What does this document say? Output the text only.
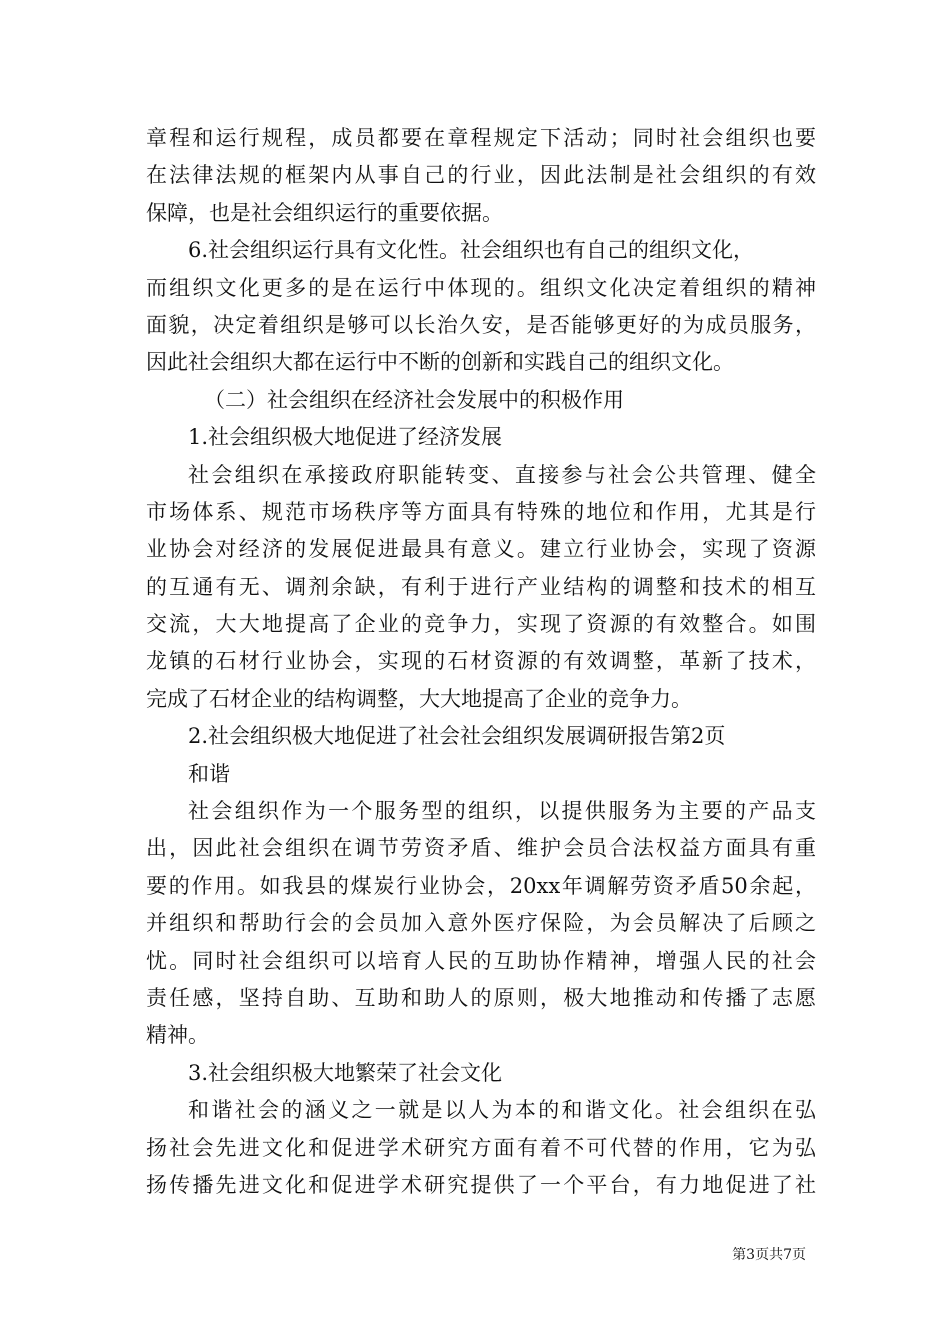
章程和运行规程，成员都要在章程规定下活动；同时社会组织也要
在法律法规的框架内从事自己的行业，因此法制是社会组织的有效
保障，也是社会组织运行的重要依据。
6.社会组织运行具有文化性。社会组织也有自己的组织文化，
而组织文化更多的是在运行中体现的。组织文化决定着组织的精神
面貌，决定着组织是够可以长治久安，是否能够更好的为成员服务，
因此社会组织大都在运行中不断的创新和实践自己的组织文化。
（二）社会组织在经济社会发展中的积极作用
1.社会组织极大地促进了经济发展
社会组织在承接政府职能转变、直接参与社会公共管理、健全
市场体系、规范市场秩序等方面具有特殊的地位和作用，尤其是行
业协会对经济的发展促进最具有意义。建立行业协会，实现了资源
的互通有无、调剂余缺，有利于进行产业结构的调整和技术的相互
交流，大大地提高了企业的竞争力，实现了资源的有效整合。如围
龙镇的石材行业协会，实现的石材资源的有效调整，革新了技术，
完成了石材企业的结构调整，大大地提高了企业的竞争力。
2.社会组织极大地促进了社会社会组织发展调研报告第2页
和谐
社会组织作为一个服务型的组织，以提供服务为主要的产品支
出，因此社会组织在调节劳资矛盾、维护会员合法权益方面具有重
要的作用。如我县的煤炭行业协会，20xx年调解劳资矛盾50余起，
并组织和帮助行会的会员加入意外医疗保险，为会员解决了后顾之
忧。同时社会组织可以培育人民的互助协作精神，增强人民的社会
责任感，坚持自助、互助和助人的原则，极大地推动和传播了志愿
精神。
3.社会组织极大地繁荣了社会文化
和谐社会的涵义之一就是以人为本的和谐文化。社会组织在弘
扬社会先进文化和促进学术研究方面有着不可代替的作用，它为弘
扬传播先进文化和促进学术研究提供了一个平台，有力地促进了社
第3页共7页
